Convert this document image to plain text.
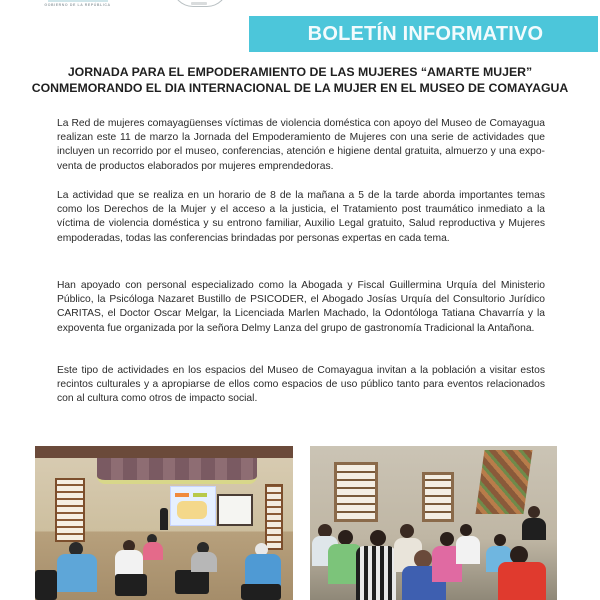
GOBIERNO DE LA REPÚBLICA
BOLETÍN INFORMATIVO
JORNADA PARA EL EMPODERAMIENTO DE LAS MUJERES “AMARTE MUJER”
CONMEMORANDO EL DIA INTERNACIONAL DE LA MUJER EN EL MUSEO DE COMAYAGUA
La Red de mujeres comayagüenses víctimas de violencia doméstica con apoyo del Museo de Comayagua realizan este 11 de marzo la Jornada del Empoderamiento de Mujeres con una serie de actividades que incluyen un recorrido por el museo, conferencias, atención e higiene dental gratuita, almuerzo y una expo-venta de productos elaborados por mujeres emprendedoras.
La actividad que se realiza en un horario de 8 de la mañana a 5 de la tarde aborda importantes temas como los Derechos de la Mujer y el acceso a la justicia, el Tratamiento post traumático inmediato a la víctima de violencia doméstica y su entrono familiar, Auxilio Legal gratuito, Salud reproductiva y Mujeres empoderadas, todas las conferencias brindadas por personas expertas en cada tema.
Han apoyado con personal especializado como la Abogada y Fiscal Guillermina Urquía del Ministerio Público, la Psicóloga Nazaret Bustillo de PSICODER, el Abogado Josías Urquía del Consultorio Jurídico CARITAS, el Doctor Oscar Melgar, la Licenciada Marlen Machado, la Odontóloga Tatiana Chavarría y la expoventa fue organizada por la señora Delmy Lanza del grupo de gastronomía Tradicional la Antañona.
Este tipo de actividades en los espacios del Museo de Comayagua invitan a la población a visitar estos recintos culturales y a apropiarse de ellos como espacios de uso público tanto para eventos relacionados con al cultura como otros de impacto social.
